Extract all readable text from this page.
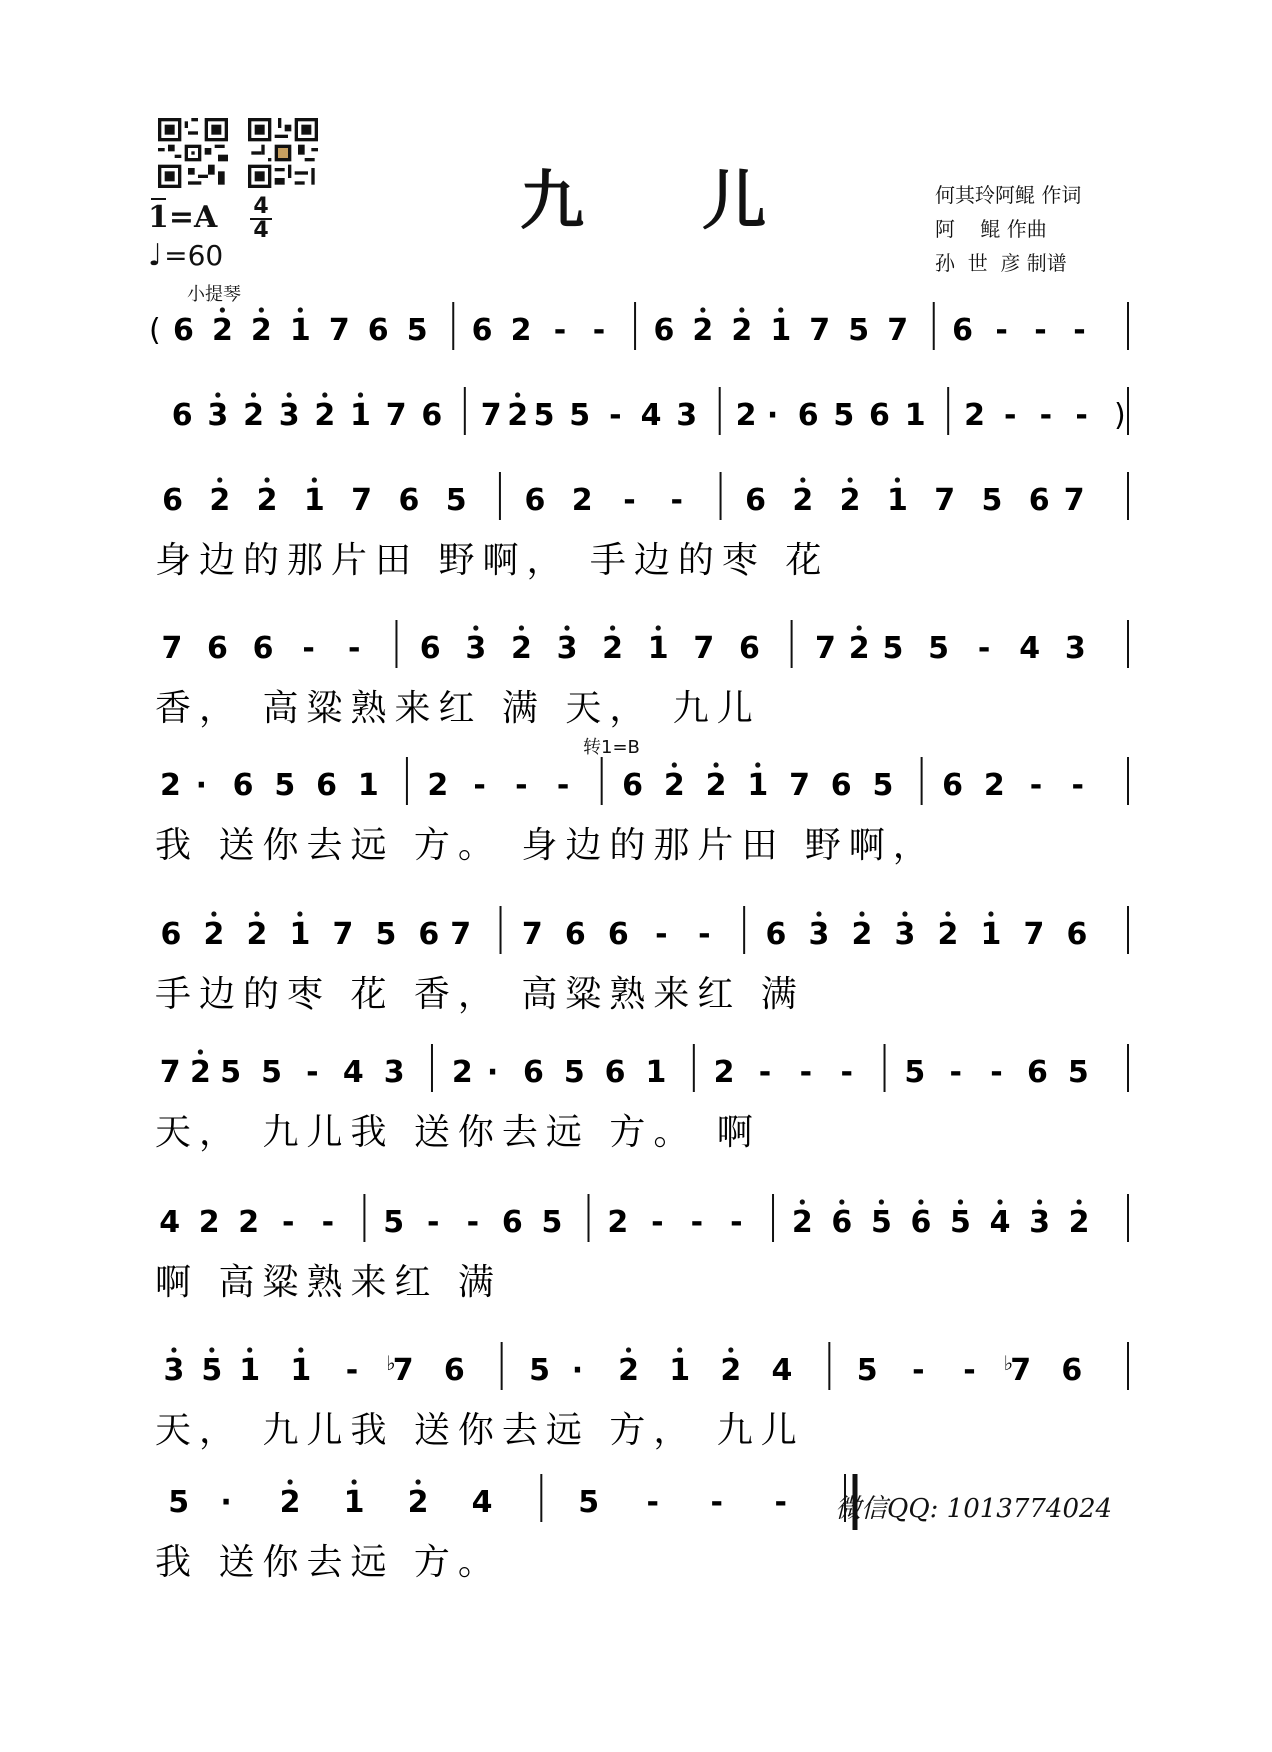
九 儿	何其玲阿鲲 作词
阿    鲲 作曲
孙  世  彦 制谱
1=A 4
4
♩=60
小提琴
( 6 2 2 1 7 6 5 6 2 - - 6 2 2 1 7 5 7 6 - - -
6 3 2 3 2 1 7 6 7 2 5 5 - 4 3 2 · 6 5 6 1 2 - - - )
6 2 2 1 7 6 5 6 2 - - 6 2 2 1 7 5 6 7
身边的那片田 野啊， 手边的枣 花
7 6 6 - - 6 3 2 3 2 1 7 6 7 2 5 5 - 4 3
香， 高粱熟来红 满 天， 九儿
2 · 6 5 6 1 2 - - - 6 2 2 1 7 6 5 6 2 - -
我 送你去远 方。 身边的那片田 野啊，
6 2 2 1 7 5 6 7 7 6 6 - - 6 3 2 3 2 1 7 6
手边的枣 花 香， 高粱熟来红 满
7 2 5 5 - 4 3 2 · 6 5 6 1 2 - - - 5 - - 6 5
天， 九儿我 送你去远 方。 啊
4 2 2 - - 5 - - 6 5 2 - - - 2 6 5 6 5 4 3 2
啊 高粱熟来红 满
3 5 1 1 - ♭
7 6 5 · 2 1 2 4 5 - - ♭
7 6
天， 九儿我 送你去远 方， 九儿
5 · 2 1 2 4	5 - - -
我 送你去远 方。
转1=B
微信QQ: 1013774024
